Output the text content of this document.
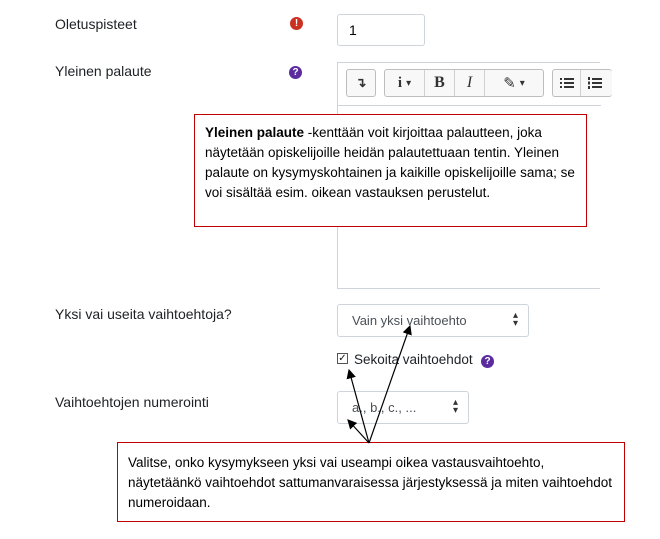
Oletuspisteet	!
1
Yleinen palaute	?
↴	i ▾	B	I	✎ ▾
Yksi vai useita vaihtoehtoja?	Vain yksi vaihtoehto	▴
▾
✓ Sekoita vaihtoehdot	?
Vaihtoehtojen numerointi	a., b., c., ...	▴
▾
Yleinen palaute -kenttään voit kirjoittaa palautteen, joka näytetään opiskelijoille heidän palautettuaan tentin. Yleinen palaute on kysymyskohtainen ja kaikille opiskelijoille sama; se voi sisältää esim. oikean vastauksen perustelut.
Valitse, onko kysymykseen yksi vai useampi oikea vastausvaihtoehto, näytetäänkö vaihtoehdot sattumanvaraisessa järjestyksessä ja miten vaihtoehdot numeroidaan.
